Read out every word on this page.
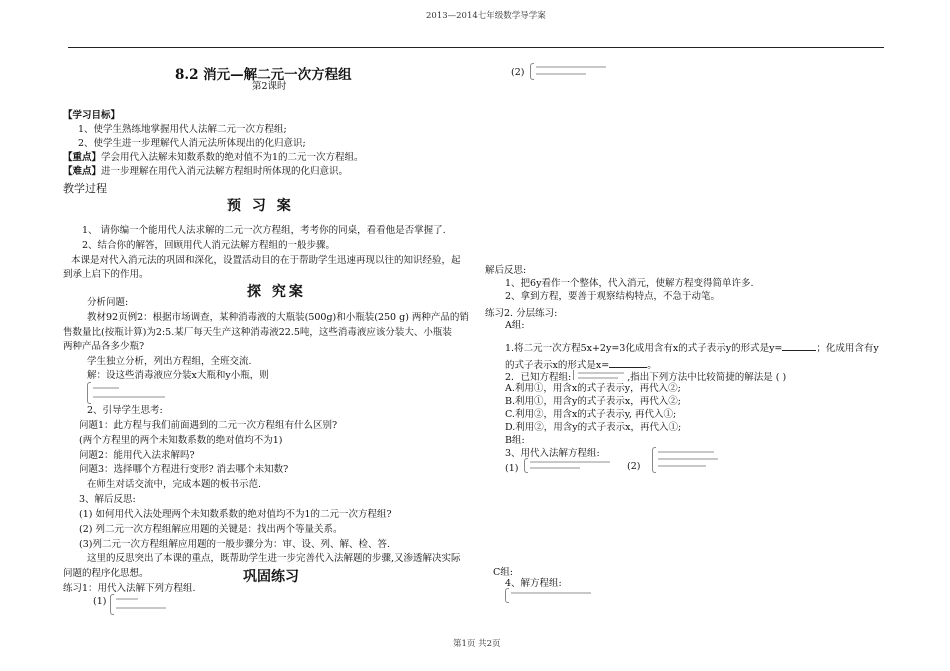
2013—2014七年级数学导学案
8.2 消元—解二元一次方程组
第2课时
【学习目标】
1、使学生熟练地掌握用代人法解二元一次方程组;
2、使学生进一步理解代人消元法所体现出的化归意识;
【重点】学会用代入法解未知数系数的绝对值不为1的二元一次方程组。
【难点】进一步理解在用代入消元法解方程组时所体现的化归意识。
教学过程
预 习 案
1、 请你编一个能用代人法求解的二元一次方程组，考考你的同桌，看看他是否掌握了.
2、结合你的解答，回顾用代人消元法解方程组的一般步骤。
本课是对代入消元法的巩固和深化，设置活动目的在于帮助学生迅速再现以往的知识经验，起
到承上启下的作用。
探 究案
分析问题:
教材92页例2：根据市场调查，某种消毒液的大瓶装(500g)和小瓶装(250 g) 两种产品的销
售数量比(按瓶计算)为2:5.某厂每天生产这种消毒液22.5吨，这些消毒液应该分装大、小瓶装
两种产品各多少瓶?
学生独立分析，列出方程组，全班交流.
解：设这些消毒液应分装x大瓶和y小瓶，则
2、引导学生思考:
问题1：此方程与我们前面遇到的二元一次方程组有什么区别?
(两个方程里的两个未知数系数的绝对值均不为1)
问题2：能用代入法求解吗?
问题3：选择哪个方程进行变形? 消去哪个未知数?
在师生对话交流中，完成本题的板书示范.
3、解后反思:
(1) 如何用代入法处理两个未知数系数的绝对值均不为1的二元一次方程组?
(2) 列二元一次方程组解应用题的关键是：找出两个等量关系。
(3)列二元一次方程组解应用题的一般步骤分为：审、设、列、解、检、答.
这里的反思突出了本课的重点，既帮助学生进一步完善代入法解题的步骤,又渗透解决实际
问题的程序化思想。	巩固练习
练习1：用代入法解下列方程组.
(1)
(2)
解后反思:
1、把6y看作一个整体，代入消元，使解方程变得简单许多.
2、拿到方程，要善于观察结构特点，不急于动笔。
练习2. 分层练习:
A组:
1.将二元一次方程5x+2y=3化成用含有x的式子表示y的形式是y=	；化成用含有y
的式子表示x的形式是x=	。
2．已知方程组:	,指出下列方法中比较简捷的解法是 ( )
A.利用①，用含x的式子表示y，再代入②;
B.利用①，用含y的式子表示x，再代入②;
C.利用②，用含x的式子表示y, 再代入①;
D.利用②，用含y的式子表示x，再代入①;
B组:
3、用代入法解方程组:
(1)	(2)
C组:
4、解方程组:
第1页 共2页
